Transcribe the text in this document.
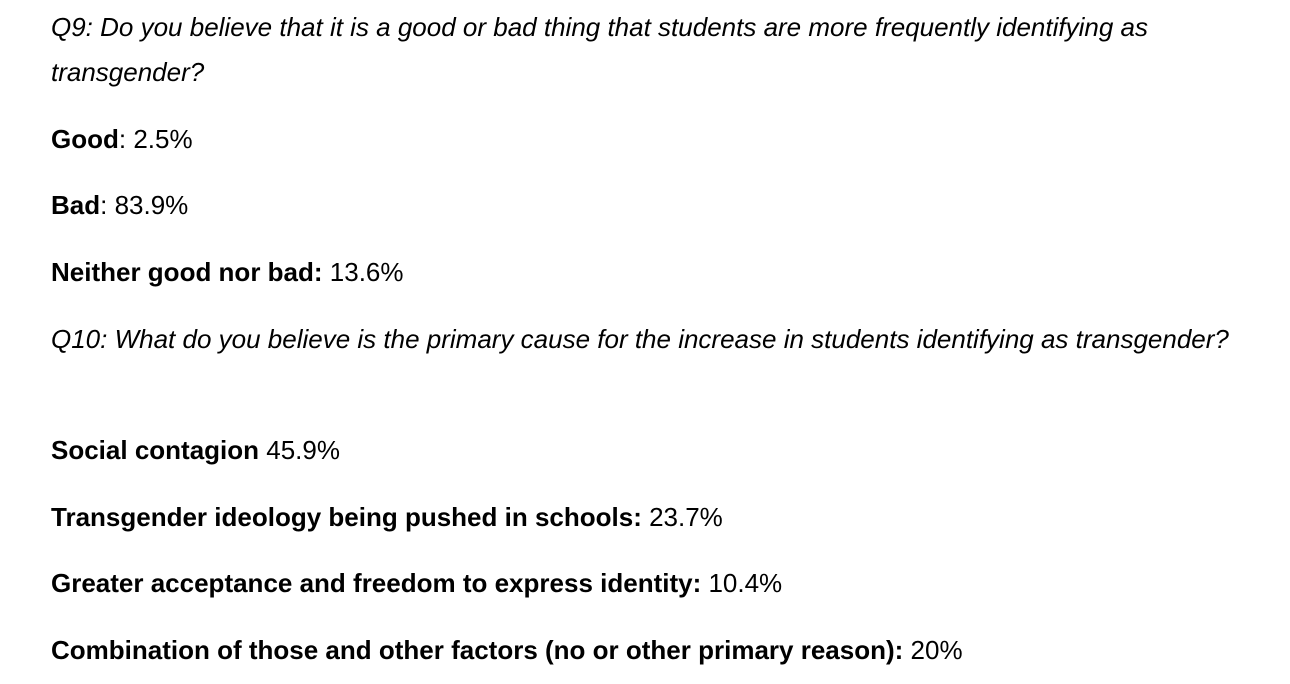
Q9: Do you believe that it is a good or bad thing that students are more frequently identifying as transgender?

Good: 2.5%

Bad: 83.9%

Neither good nor bad: 13.6%

Q10: What do you believe is the primary cause for the increase in students identifying as transgender?

Social contagion 45.9%

Transgender ideology being pushed in schools: 23.7%

Greater acceptance and freedom to express identity: 10.4%

Combination of those and other factors (no or other primary reason): 20%
